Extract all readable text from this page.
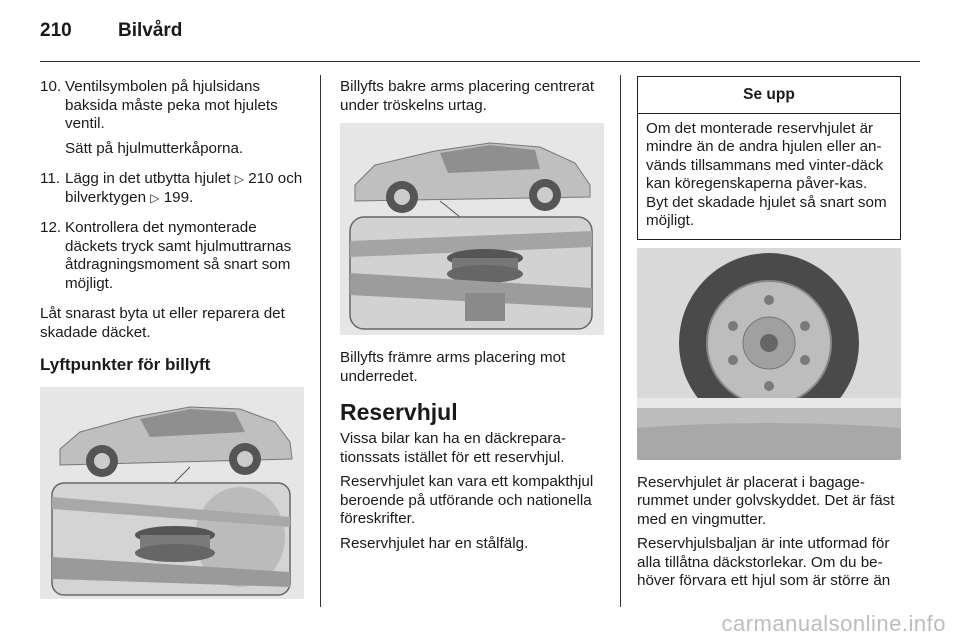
210 Bilvård
10. Ventilsymbolen på hjulsidans baksida måste peka mot hjulets ventil.

Sätt på hjulmutterkåporna.

11. Lägg in det utbytta hjulet ▷ 210 och bilverktygen ▷ 199.

12. Kontrollera det nymonterade däckets tryck samt hjulmuttrarnas åtdragningsmoment så snart som möjligt.

Låt snarast byta ut eller reparera det skadade däcket.

Lyftpunkter för billyft

Billyfts bakre arms placering centrerat under tröskelns urtag.

Billyfts främre arms placering mot underredet.

Reservhjul

Vissa bilar kan ha en däckrepara-tionssats istället för ett reservhjul.

Reservhjulet kan vara ett kompakthjul beroende på utförande och nationella föreskrifter.

Reservhjulet har en stålfälg.

Se upp
Om det monterade reservhjulet är mindre än de andra hjulen eller an-vänds tillsammans med vinter-däck kan köregenskaperna påver-kas. Byt det skadade hjulet så snart som möjligt.

Reservhjulet är placerat i bagage-rummet under golvskyddet. Det är fäst med en vingmutter.

Reservhjulsbaljan är inte utformad för alla tillåtna däckstorlekar. Om du be-höver förvara ett hjul som är större än

carmanualsonline.info
